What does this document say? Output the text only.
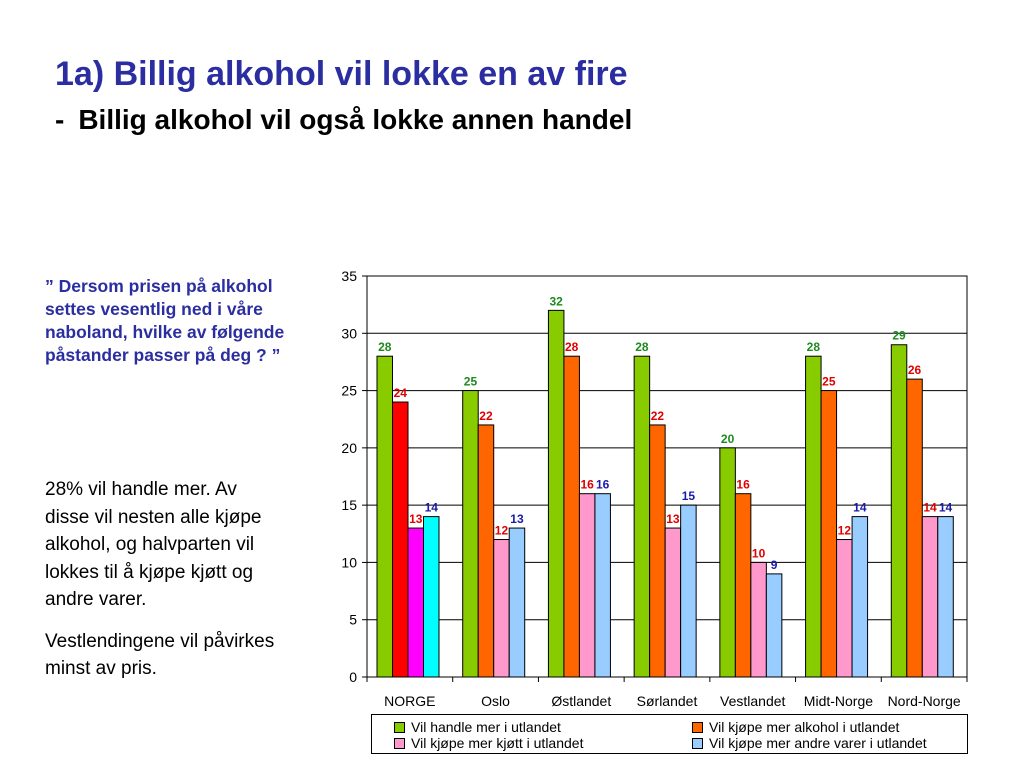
1a) Billig alkohol vil lokke en av fire
- Billig alkohol vil også lokke annen handel
” Dersom prisen på alkohol settes vesentlig ned i våre naboland, hvilke av følgende påstander passer på deg ? ”

28% vil handle mer. Av disse vil nesten alle kjøpe alkohol, og halvparten vil lokkes til å kjøpe kjøtt og andre varer.

Vestlendingene vil påvirkes minst av pris.	0
5
10
15
20
25
30
35
28
24
13
14
NORGE
25
22
12
13
Oslo
32
28
16 16
Østlandet
28
22
13
15
Sørlandet
20
16
10
9
Vestlandet
28
25
12
14
Midt-Norge
29
26
14 14
Nord-Norge
Vil handle mer i utlandet	Vil kjøpe mer alkohol i utlandet
Vil kjøpe mer kjøtt i utlandet	Vil kjøpe mer andre varer i utlandet
